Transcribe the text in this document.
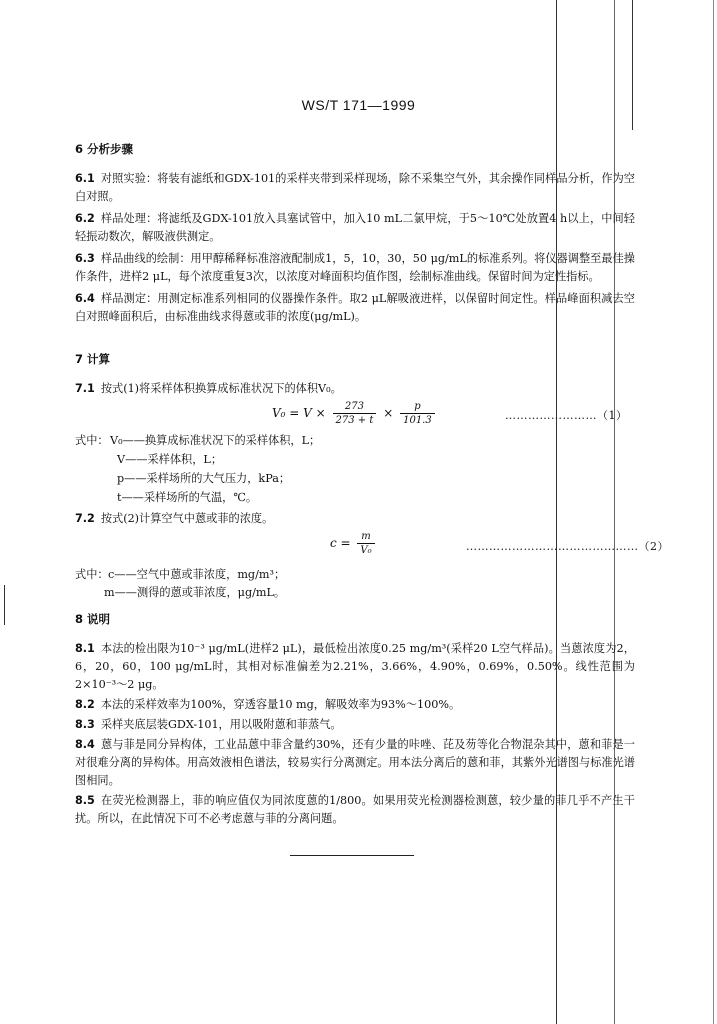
WS/T 171—1999
6 分析步骤

6.1 对照实验：将装有滤纸和GDX-101的采样夹带到采样现场，除不采集空气外，其余操作同样品分析，作为空白对照。

6.2 样品处理：将滤纸及GDX-101放入具塞试管中，加入10 mL二氯甲烷，于5～10℃处放置4 h以上，中间轻轻振动数次，解吸液供测定。

6.3 样品曲线的绘制：用甲醇稀释标准溶液配制成1，5，10，30，50 μg/mL的标准系列。将仪器调整至最佳操作条件，进样2 μL，每个浓度重复3次，以浓度对峰面积均值作图，绘制标准曲线。保留时间为定性指标。

6.4 样品测定：用测定标准系列相同的仪器操作条件。取2 μL解吸液进样，以保留时间定性。样品峰面积减去空白对照峰面积后，由标准曲线求得蒽或菲的浓度(μg/mL)。

7 计算

7.1 按式(1)将采样体积换算成标准状况下的体积V₀。

$V_0 = V \times \frac{273}{273 + t} \times \frac{p}{101.3}$	……………………（1）
式中： V₀——换算成标准状况下的采样体积，L；
V——采样体积，L；
p——采样场所的大气压力，kPa；
t——采样场所的气温，℃。

7.2 按式(2)计算空气中蒽或菲的浓度。

$c = \frac{m}{\text{V₀}}$	………………………………………（2）
式中： c——空气中蒽或菲浓度，mg/m³；
m——测得的蒽或菲浓度，μg/mL。
8 说明

8.1 本法的检出限为10⁻³ μg/mL(进样2 μL)，最低检出浓度0.25 mg/m³(采样20 L空气样品)。当蒽浓度为2，6，20，60，100 μg/mL时，其相对标准偏差为2.21%，3.66%，4.90%，0.69%，0.50%。线性范围为2×10⁻³～2 μg。

8.2 本法的采样效率为100%，穿透容量10 mg，解吸效率为93%～100%。

8.3 采样夹底层装GDX-101，用以吸附蒽和菲蒸气。

8.4 蒽与菲是同分异构体，工业品蒽中菲含量约30%，还有少量的咔唑、芘及芴等化合物混杂其中，蒽和菲是一对很难分离的异构体。用高效液相色谱法，较易实行分离测定。用本法分离后的蒽和菲，其紫外光谱图与标准光谱图相同。

8.5 在荧光检测器上，菲的响应值仅为同浓度蒽的1/800。如果用荧光检测器检测蒽，较少量的菲几乎不产生干扰。所以，在此情况下可不必考虑蒽与菲的分离问题。
